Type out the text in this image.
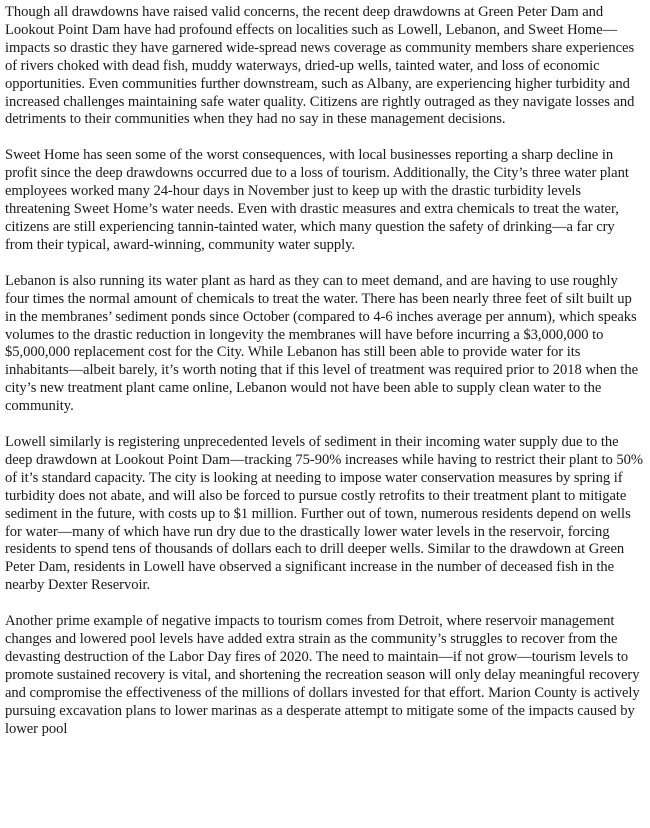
Though all drawdowns have raised valid concerns, the recent deep drawdowns at Green Peter Dam and Lookout Point Dam have had profound effects on localities such as Lowell, Lebanon, and Sweet Home—impacts so drastic they have garnered wide-spread news coverage as community members share experiences of rivers choked with dead fish, muddy waterways, dried-up wells, tainted water, and loss of economic opportunities. Even communities further downstream, such as Albany, are experiencing higher turbidity and increased challenges maintaining safe water quality. Citizens are rightly outraged as they navigate losses and detriments to their communities when they had no say in these management decisions.

Sweet Home has seen some of the worst consequences, with local businesses reporting a sharp decline in profit since the deep drawdowns occurred due to a loss of tourism. Additionally, the City’s three water plant employees worked many 24-hour days in November just to keep up with the drastic turbidity levels threatening Sweet Home’s water needs. Even with drastic measures and extra chemicals to treat the water, citizens are still experiencing tannin-tainted water, which many question the safety of drinking—a far cry from their typical, award-winning, community water supply.

Lebanon is also running its water plant as hard as they can to meet demand, and are having to use roughly four times the normal amount of chemicals to treat the water. There has been nearly three feet of silt built up in the membranes’ sediment ponds since October (compared to 4-6 inches average per annum), which speaks volumes to the drastic reduction in longevity the membranes will have before incurring a $3,000,000 to $5,000,000 replacement cost for the City. While Lebanon has still been able to provide water for its inhabitants—albeit barely, it’s worth noting that if this level of treatment was required prior to 2018 when the city’s new treatment plant came online, Lebanon would not have been able to supply clean water to the community.

Lowell similarly is registering unprecedented levels of sediment in their incoming water supply due to the deep drawdown at Lookout Point Dam—tracking 75-90% increases while having to restrict their plant to 50% of it’s standard capacity. The city is looking at needing to impose water conservation measures by spring if turbidity does not abate, and will also be forced to pursue costly retrofits to their treatment plant to mitigate sediment in the future, with costs up to $1 million. Further out of town, numerous residents depend on wells for water—many of which have run dry due to the drastically lower water levels in the reservoir, forcing residents to spend tens of thousands of dollars each to drill deeper wells. Similar to the drawdown at Green Peter Dam, residents in Lowell have observed a significant increase in the number of deceased fish in the nearby Dexter Reservoir.

Another prime example of negative impacts to tourism comes from Detroit, where reservoir management changes and lowered pool levels have added extra strain as the community’s struggles to recover from the devasting destruction of the Labor Day fires of 2020. The need to maintain—if not grow—tourism levels to promote sustained recovery is vital, and shortening the recreation season will only delay meaningful recovery and compromise the effectiveness of the millions of dollars invested for that effort. Marion County is actively pursuing excavation plans to lower marinas as a desperate attempt to mitigate some of the impacts caused by lower pool
